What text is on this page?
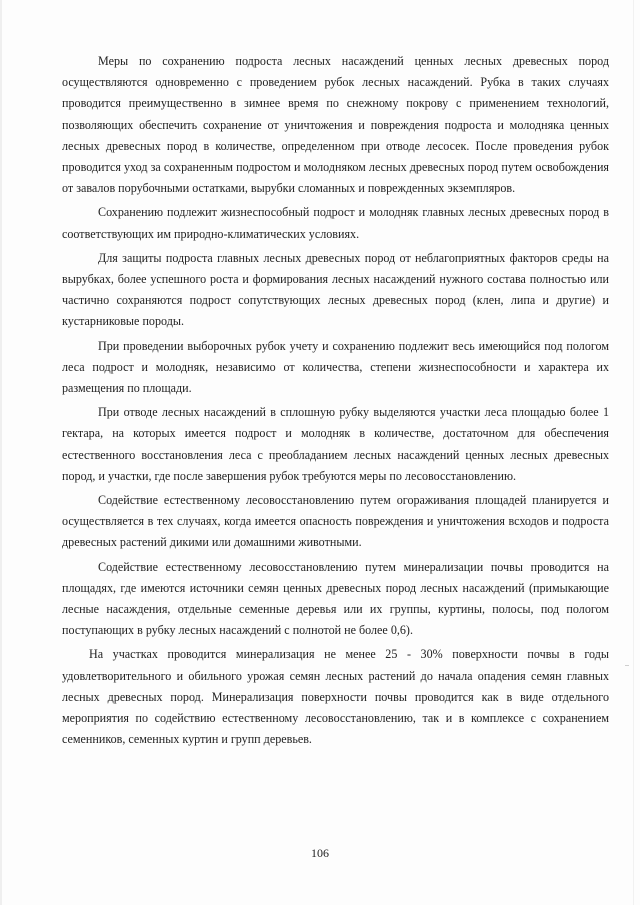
Меры по сохранению подроста лесных насаждений ценных лесных древесных пород осуществляются одновременно с проведением рубок лесных насаждений. Рубка в таких случаях проводится преимущественно в зимнее время по снежному покрову с применением технологий, позволяющих обеспечить сохранение от уничтожения и повреждения подроста и молодняка ценных лесных древесных пород в количестве, определенном при отводе лесосек. После проведения рубок проводится уход за сохраненным подростом и молодняком лесных древесных пород путем освобождения от завалов порубочными остатками, вырубки сломанных и поврежденных экземпляров.

Сохранению подлежит жизнеспособный подрост и молодняк главных лесных древесных пород в соответствующих им природно-климатических условиях.

Для защиты подроста главных лесных древесных пород от неблагоприятных факторов среды на вырубках, более успешного роста и формирования лесных насаждений нужного состава полностью или частично сохраняются подрост сопутствующих лесных древесных пород (клен, липа и другие) и кустарниковые породы.

При проведении выборочных рубок учету и сохранению подлежит весь имеющийся под пологом леса подрост и молодняк, независимо от количества, степени жизнеспособности и характера их размещения по площади.

При отводе лесных насаждений в сплошную рубку выделяются участки леса площадью более 1 гектара, на которых имеется подрост и молодняк в количестве, достаточном для обеспечения естественного восстановления леса с преобладанием лесных насаждений ценных лесных древесных пород, и участки, где после завершения рубок требуются меры по лесовосстановлению.

Содействие естественному лесовосстановлению путем огораживания площадей планируется и осуществляется в тех случаях, когда имеется опасность повреждения и уничтожения всходов и подроста древесных растений дикими или домашними животными.

Содействие естественному лесовосстановлению путем минерализации почвы проводится на площадях, где имеются источники семян ценных древесных пород лесных насаждений (примыкающие лесные насаждения, отдельные семенные деревья или их группы, куртины, полосы, под пологом поступающих в рубку лесных насаждений с полнотой не более 0,6).

На участках проводится минерализация не менее 25 - 30% поверхности почвы в годы удовлетворительного и обильного урожая семян лесных растений до начала опадения семян главных лесных древесных пород. Минерализация поверхности почвы проводится как в виде отдельного мероприятия по содействию естественному лесовосстановлению, так и в комплексе с сохранением семенников, семенных куртин и групп деревьев.

106
